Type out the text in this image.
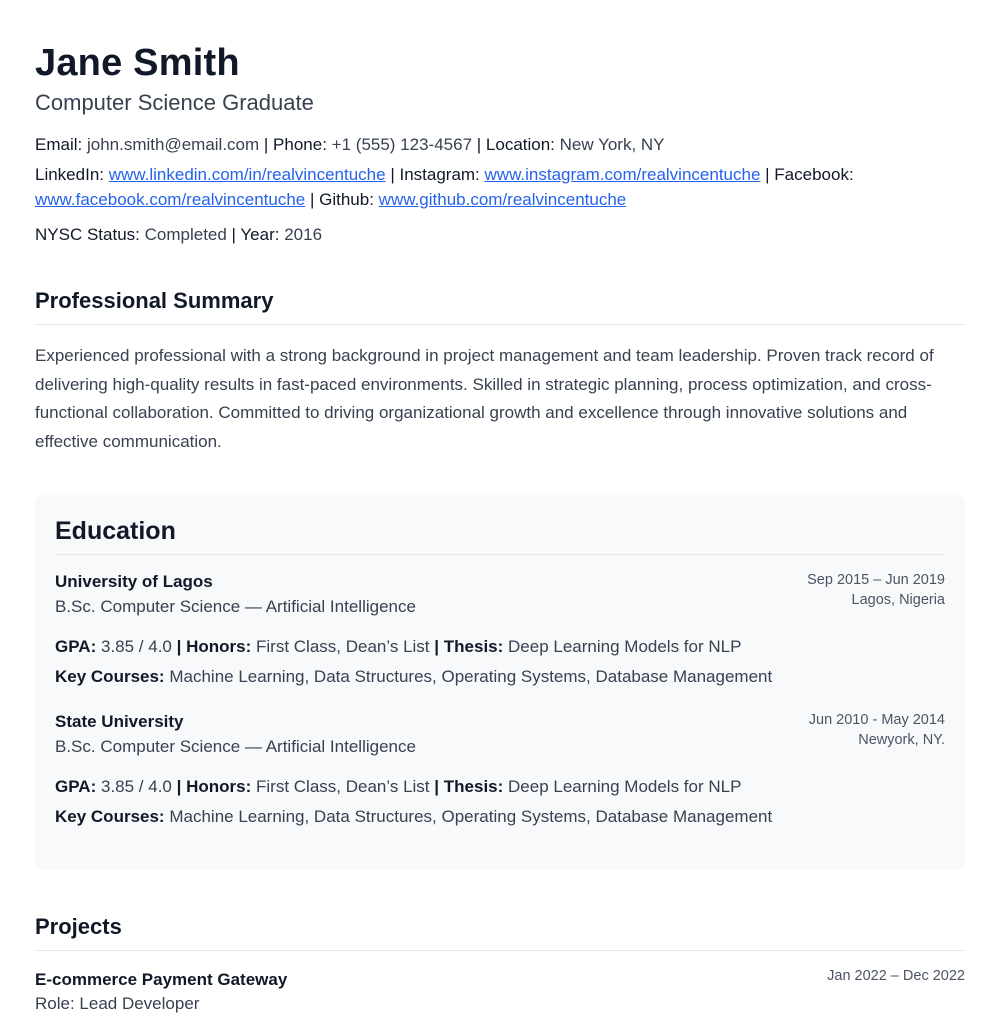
Jane Smith
Computer Science Graduate
Email: john.smith@email.com | Phone: +1 (555) 123-4567 | Location: New York, NY
LinkedIn: www.linkedin.com/in/realvincentuche | Instagram: www.instagram.com/realvincentuche | Facebook: www.facebook.com/realvincentuche | Github: www.github.com/realvincentuche
NYSC Status: Completed | Year: 2016
Professional Summary

Experienced professional with a strong background in project management and team leadership. Proven track record of delivering high-quality results in fast-paced environments. Skilled in strategic planning, process optimization, and cross-functional collaboration. Committed to driving organizational growth and excellence through innovative solutions and effective communication.

Education
University of Lagos
B.Sc. Computer Science — Artificial Intelligence
Sep 2015 – Jun 2019
Lagos, Nigeria
GPA: 3.85 / 4.0 | Honors: First Class, Dean’s List | Thesis: Deep Learning Models for NLP
Key Courses: Machine Learning, Data Structures, Operating Systems, Database Management
State University
B.Sc. Computer Science — Artificial Intelligence
Jun 2010 - May 2014
Newyork, NY.
GPA: 3.85 / 4.0 | Honors: First Class, Dean’s List | Thesis: Deep Learning Models for NLP
Key Courses: Machine Learning, Data Structures, Operating Systems, Database Management
Projects
E-commerce Payment Gateway
Role: Lead Developer
Jan 2022 – Dec 2022
